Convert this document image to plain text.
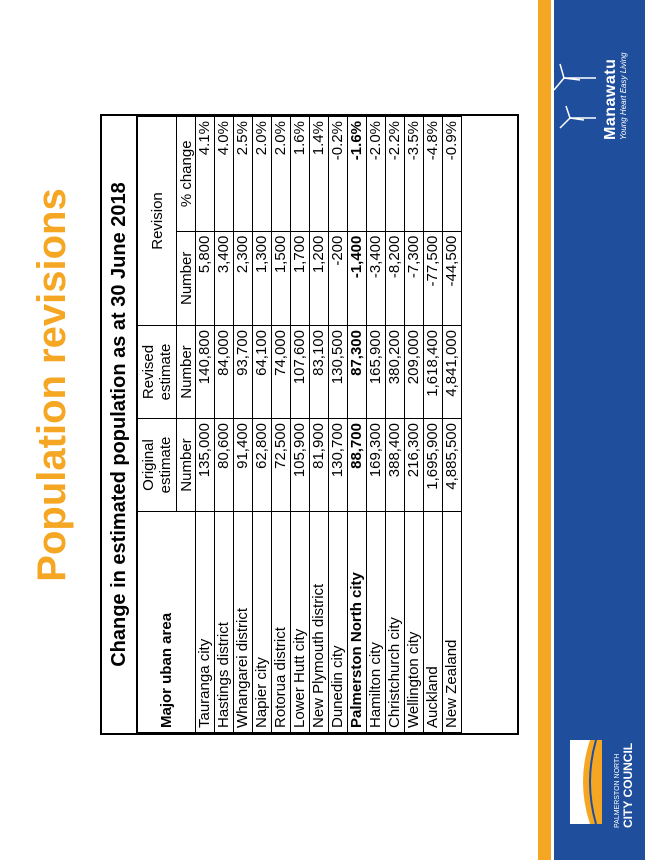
Population revisions	Change in estimated population as at 30 June 2018
Major uban area	Original estimate	Revised estimate	Revision	
	Number	Number	Number	% change
Tauranga city	135,000	140,800	5,800	4.1%
Hastings district	80,600	84,000	3,400	4.0%
Whangarei district	91,400	93,700	2,300	2.5%
Napier city	62,800	64,100	1,300	2.0%
Rotorua district	72,500	74,000	1,500	2.0%
Lower Hutt city	105,900	107,600	1,700	1.6%
New Plymouth district	81,900	83,100	1,200	1.4%
Dunedin city	130,700	130,500	-200	-0.2%
Palmerston North city	88,700	87,300	-1,400	-1.6%
Hamilton city	169,300	165,900	-3,400	-2.0%
Christchurch city	388,400	380,200	-8,200	-2.2%
Wellington city	216,300	209,000	-7,300	-3.5%
Auckland	1,695,900	1,618,400	-77,500	-4.8%
New Zealand	4,885,500	4,841,000	-44,500	-0.9%
Manawatu Young Heart Easy Living
PALMERSTON NORTH CITY COUNCIL
